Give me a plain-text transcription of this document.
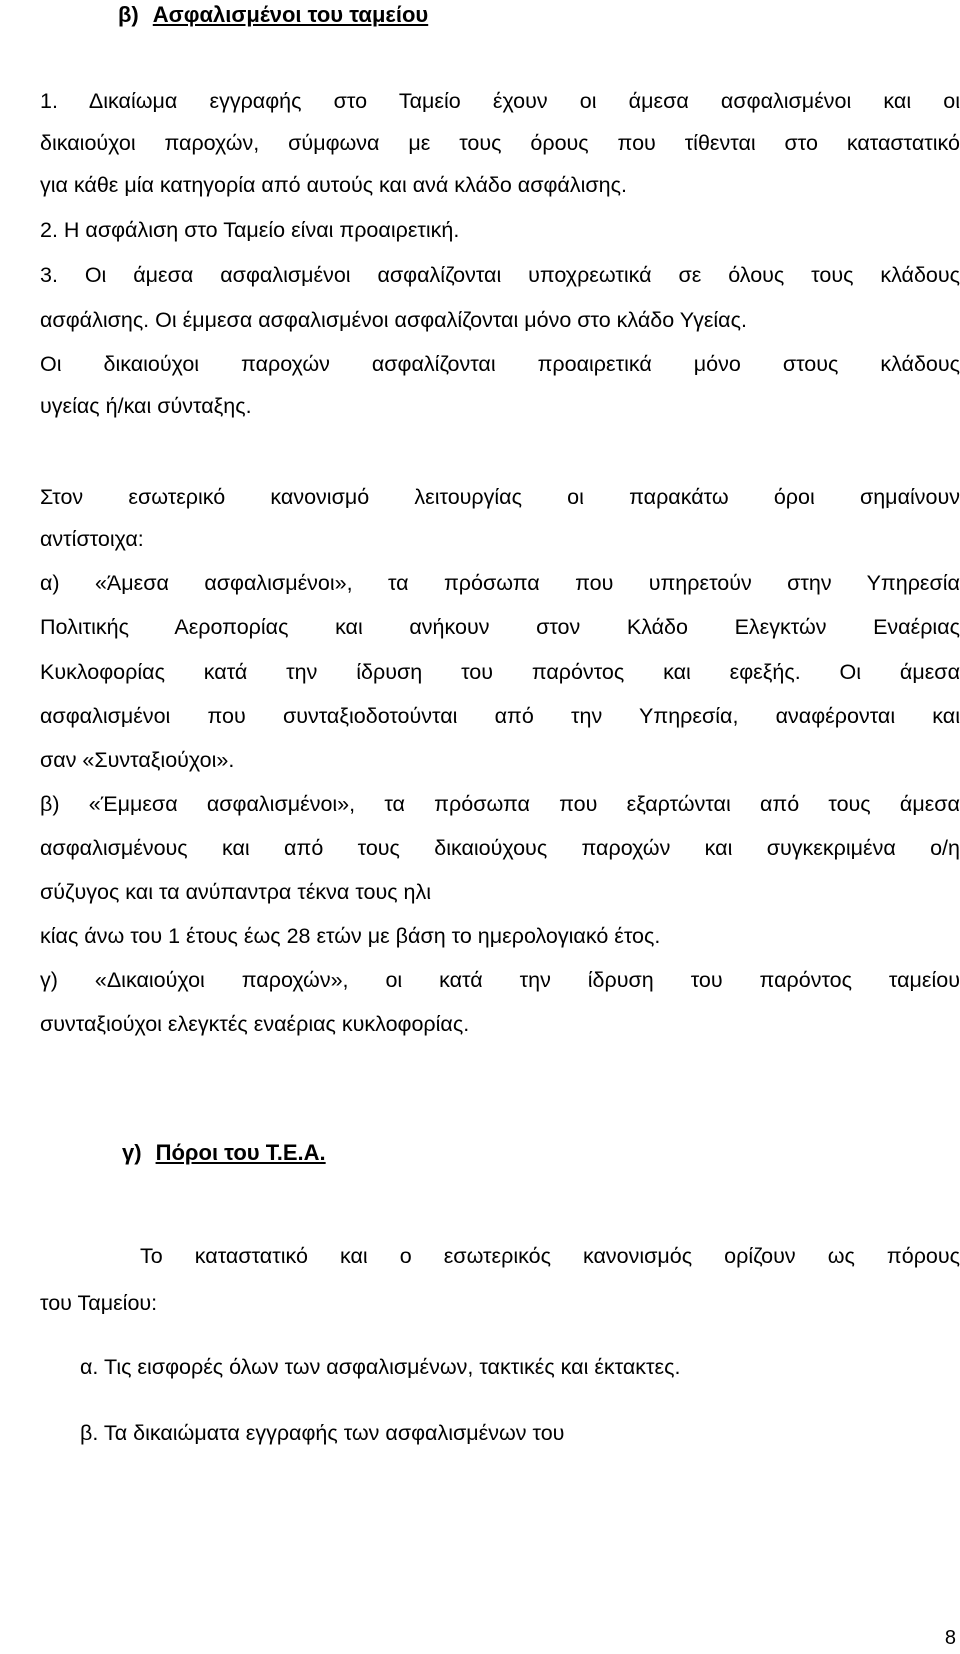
β) Ασφαλισμένοι του ταμείου
1. Δικαίωμα εγγραφής στο Ταμείο έχουν οι άμεσα ασφαλισμένοι και οι
δικαιούχοι παροχών, σύμφωνα με τους όρους που τίθενται στο καταστατικό
για κάθε μία κατηγορία από αυτούς και ανά κλάδο ασφάλισης.
2. Η ασφάλιση στο Ταμείο είναι προαιρετική.
3. Οι άμεσα ασφαλισμένοι ασφαλίζονται υποχρεωτικά σε όλους τους κλάδους
ασφάλισης. Οι έμμεσα ασφαλισμένοι ασφαλίζονται μόνο στο κλάδο Υγείας.
Οι δικαιούχοι παροχών ασφαλίζονται προαιρετικά μόνο στους κλάδους
υγείας ή/και σύνταξης.
Στον εσωτερικό κανονισμό λειτουργίας οι παρακάτω όροι σημαίνουν
αντίστοιχα:
α) «Άμεσα ασφαλισμένοι», τα πρόσωπα που υπηρετούν στην Υπηρεσία
Πολιτικής Αεροπορίας και ανήκουν στον Κλάδο Ελεγκτών Εναέριας
Κυκλοφορίας κατά την ίδρυση του παρόντος και εφεξής. Οι άμεσα
ασφαλισμένοι που συνταξιοδοτούνται από την Υπηρεσία, αναφέρονται και
σαν «Συνταξιούχοι».
β) «Έμμεσα ασφαλισμένοι», τα πρόσωπα που εξαρτώνται από τους άμεσα
ασφαλισμένους και από τους δικαιούχους παροχών και συγκεκριμένα ο/η
σύζυγος και τα ανύπαντρα τέκνα τους ηλι
κίας άνω του 1 έτους έως 28 ετών με βάση το ημερολογιακό έτος.
γ) «Δικαιούχοι παροχών», οι κατά την ίδρυση του παρόντος ταμείου
συνταξιούχοι ελεγκτές εναέριας κυκλοφορίας.
γ) Πόροι του Τ.Ε.Α.
Το καταστατικό και ο εσωτερικός κανονισμός ορίζουν ως πόρους
του Ταμείου:
α. Τις εισφορές όλων των ασφαλισμένων, τακτικές και έκτακτες.
β. Τα δικαιώματα εγγραφής των ασφαλισμένων του
8
